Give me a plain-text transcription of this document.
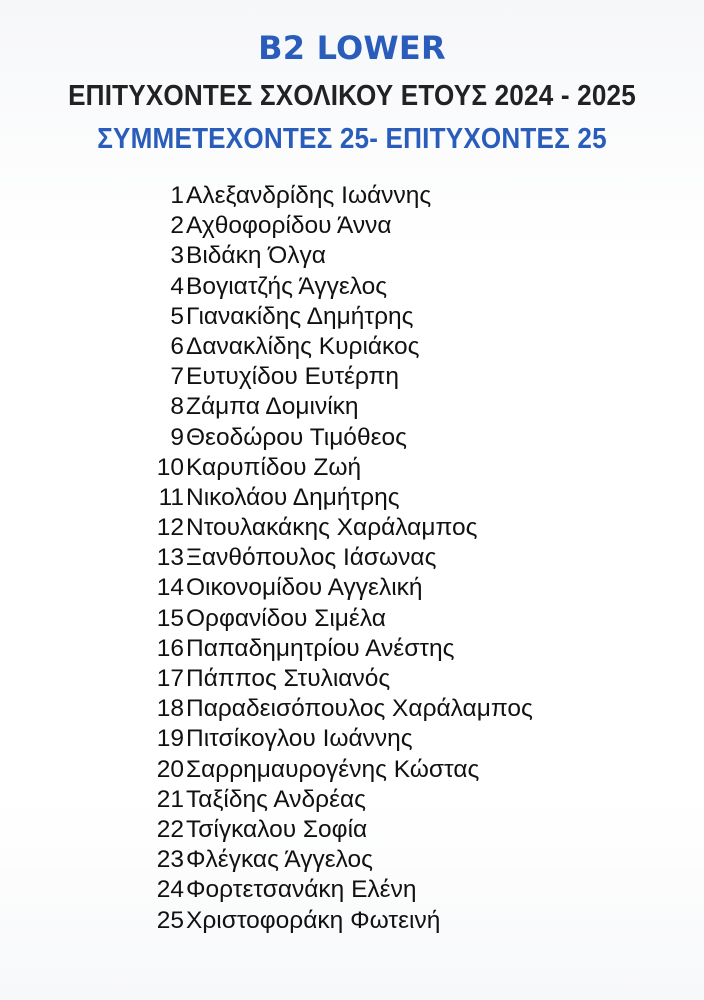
B2 LOWER
ΕΠΙΤΥΧΟΝΤΕΣ ΣΧΟΛΙΚΟΥ ΕΤΟΥΣ 2024 - 2025
ΣΥΜΜΕΤΕΧΟΝΤΕΣ 25- ΕΠΙΤΥΧΟΝΤΕΣ 25
1 Αλεξανδρίδης Ιωάννης
2 Αχθοφορίδου Άννα
3 Βιδάκη Όλγα
4 Βογιατζής Άγγελος
5 Γιανακίδης Δημήτρης
6 Δανακλίδης Κυριάκος
7 Ευτυχίδου Ευτέρπη
8 Ζάμπα Δομινίκη
9 Θεοδώρου Τιμόθεος
10 Καρυπίδου Ζωή
11 Νικολάου Δημήτρης
12 Ντουλακάκης Χαράλαμπος
13 Ξανθόπουλος Ιάσωνας
14 Οικονομίδου Αγγελική
15 Ορφανίδου Σιμέλα
16 Παπαδημητρίου Ανέστης
17 Πάππος Στυλιανός
18 Παραδεισόπουλος Χαράλαμπος
19 Πιτσίκογλου Ιωάννης
20 Σαρρημαυρογένης Κώστας
21 Ταξίδης Ανδρέας
22 Τσίγκαλου Σοφία
23 Φλέγκας Άγγελος
24 Φορτετσανάκη Ελένη
25 Χριστοφοράκη Φωτεινή
